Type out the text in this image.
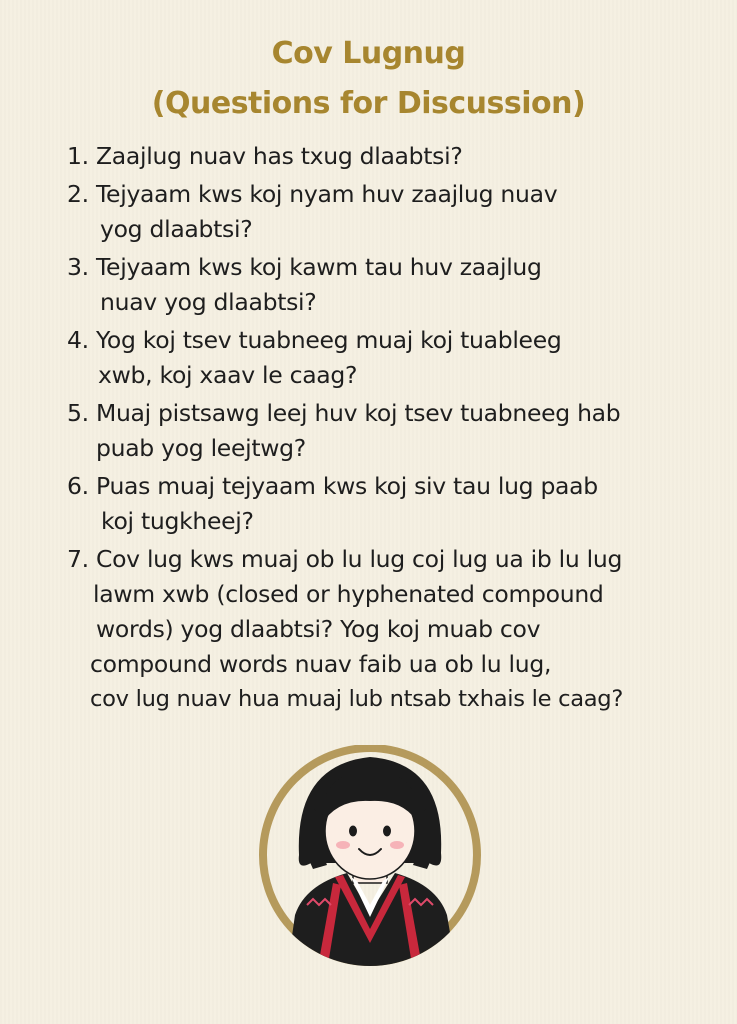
Cov Lugnug
(Questions for Discussion)
1. Zaajlug nuav has txug dlaabtsi?
2. Tejyaam kws koj nyam huv zaajlug nuav
yog dlaabtsi?
3. Tejyaam kws koj kawm tau huv zaajlug
nuav yog dlaabtsi?
4. Yog koj tsev tuabneeg muaj koj tuableeg
xwb, koj xaav le caag?
5. Muaj pistsawg leej huv koj tsev tuabneeg hab
puab yog leejtwg?
6. Puas muaj tejyaam kws koj siv tau lug paab
koj tugkheej?
7. Cov lug kws muaj ob lu lug coj lug ua ib lu lug
lawm xwb (closed or hyphenated compound
words) yog dlaabtsi? Yog koj muab cov
compound words nuav faib ua ob lu lug,
cov lug nuav hua muaj lub ntsab txhais le caag?
